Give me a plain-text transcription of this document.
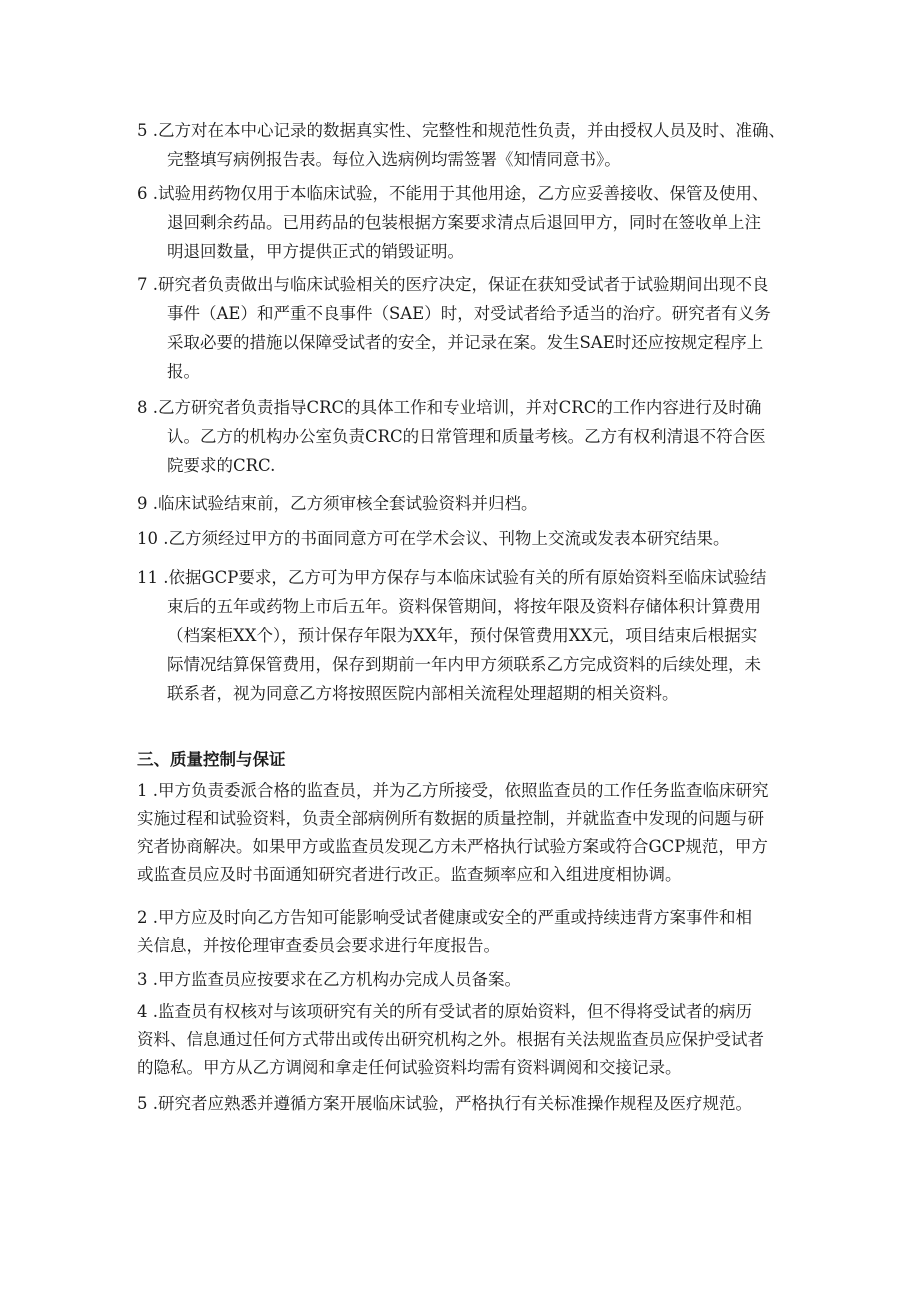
5 .乙方对在本中心记录的数据真实性、完整性和规范性负责，并由授权人员及时、准确、
完整填写病例报告表。每位入选病例均需签署《知情同意书》。
6 .试验用药物仅用于本临床试验，不能用于其他用途，乙方应妥善接收、保管及使用、
退回剩余药品。已用药品的包装根据方案要求清点后退回甲方，同时在签收单上注
明退回数量，甲方提供正式的销毁证明。
7 .研究者负责做出与临床试验相关的医疗决定，保证在获知受试者于试验期间出现不良
事件（AE）和严重不良事件（SAE）时，对受试者给予适当的治疗。研究者有义务
采取必要的措施以保障受试者的安全，并记录在案。发生SAE时还应按规定程序上
报。
8 .乙方研究者负责指导CRC的具体工作和专业培训，并对CRC的工作内容进行及时确
认。乙方的机构办公室负责CRC的日常管理和质量考核。乙方有权利清退不符合医
院要求的CRC.
9 .临床试验结束前，乙方须审核全套试验资料并归档。
10 .乙方须经过甲方的书面同意方可在学术会议、刊物上交流或发表本研究结果。
11 .依据GCP要求，乙方可为甲方保存与本临床试验有关的所有原始资料至临床试验结
束后的五年或药物上市后五年。资料保管期间，将按年限及资料存储体积计算费用
（档案柜XX个），预计保存年限为XX年，预付保管费用XX元，项目结束后根据实
际情况结算保管费用，保存到期前一年内甲方须联系乙方完成资料的后续处理，未
联系者，视为同意乙方将按照医院内部相关流程处理超期的相关资料。
三、质量控制与保证
1 .甲方负责委派合格的监查员，并为乙方所接受，依照监查员的工作任务监查临床研究
实施过程和试验资料，负责全部病例所有数据的质量控制，并就监查中发现的问题与研
究者协商解决。如果甲方或监查员发现乙方未严格执行试验方案或符合GCP规范，甲方
或监查员应及时书面通知研究者进行改正。监查频率应和入组进度相协调。
2 .甲方应及时向乙方告知可能影响受试者健康或安全的严重或持续违背方案事件和相
关信息，并按伦理审查委员会要求进行年度报告。
3 .甲方监查员应按要求在乙方机构办完成人员备案。
4 .监查员有权核对与该项研究有关的所有受试者的原始资料，但不得将受试者的病历
资料、信息通过任何方式带出或传出研究机构之外。根据有关法规监查员应保护受试者
的隐私。甲方从乙方调阅和拿走任何试验资料均需有资料调阅和交接记录。
5 .研究者应熟悉并遵循方案开展临床试验，严格执行有关标准操作规程及医疗规范。
